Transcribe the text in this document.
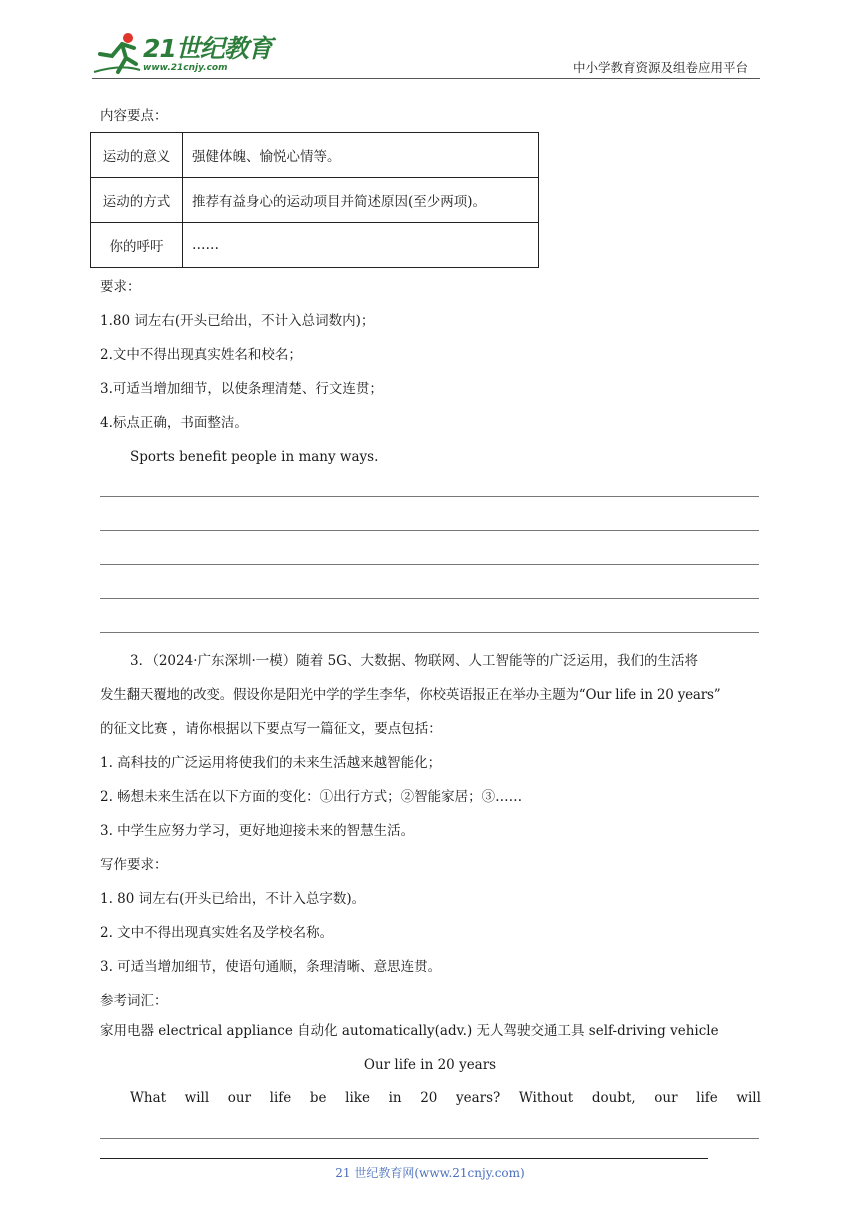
21世纪教育
www.21cnjy.com	中小学教育资源及组卷应用平台
内容要点：
运动的意义	强健体魄、愉悦心情等。
运动的方式	推荐有益身心的运动项目并简述原因(至少两项)。
你的呼吁	……
要求：
1.80 词左右(开头已给出，不计入总词数内)；
2.文中不得出现真实姓名和校名；
3.可适当增加细节，以使条理清楚、行文连贯；
4.标点正确，书面整洁。
Sports benefit people in many ways.
3．（2024·广东深圳·一模）随着 5G、大数据、物联网、人工智能等的广泛运用，我们的生活将
发生翻天覆地的改变。假设你是阳光中学的学生李华，你校英语报正在举办主题为“Our life in 20 years”
的征文比赛 ，请你根据以下要点写一篇征文，要点包括：
1. 高科技的广泛运用将使我们的未来生活越来越智能化；
2. 畅想未来生活在以下方面的变化：①出行方式；②智能家居；③……
3. 中学生应努力学习，更好地迎接未来的智慧生活。
写作要求：
1. 80 词左右(开头已给出，不计入总字数)。
2. 文中不得出现真实姓名及学校名称。
3. 可适当增加细节，使语句通顺，条理清晰、意思连贯。
参考词汇：
家用电器 electrical appliance 自动化 automatically(adv.) 无人驾驶交通工具 self-driving vehicle
Our life in 20 years
What will our life be like in 20 years? Without doubt, our life will
21 世纪教育网(www.21cnjy.com)
